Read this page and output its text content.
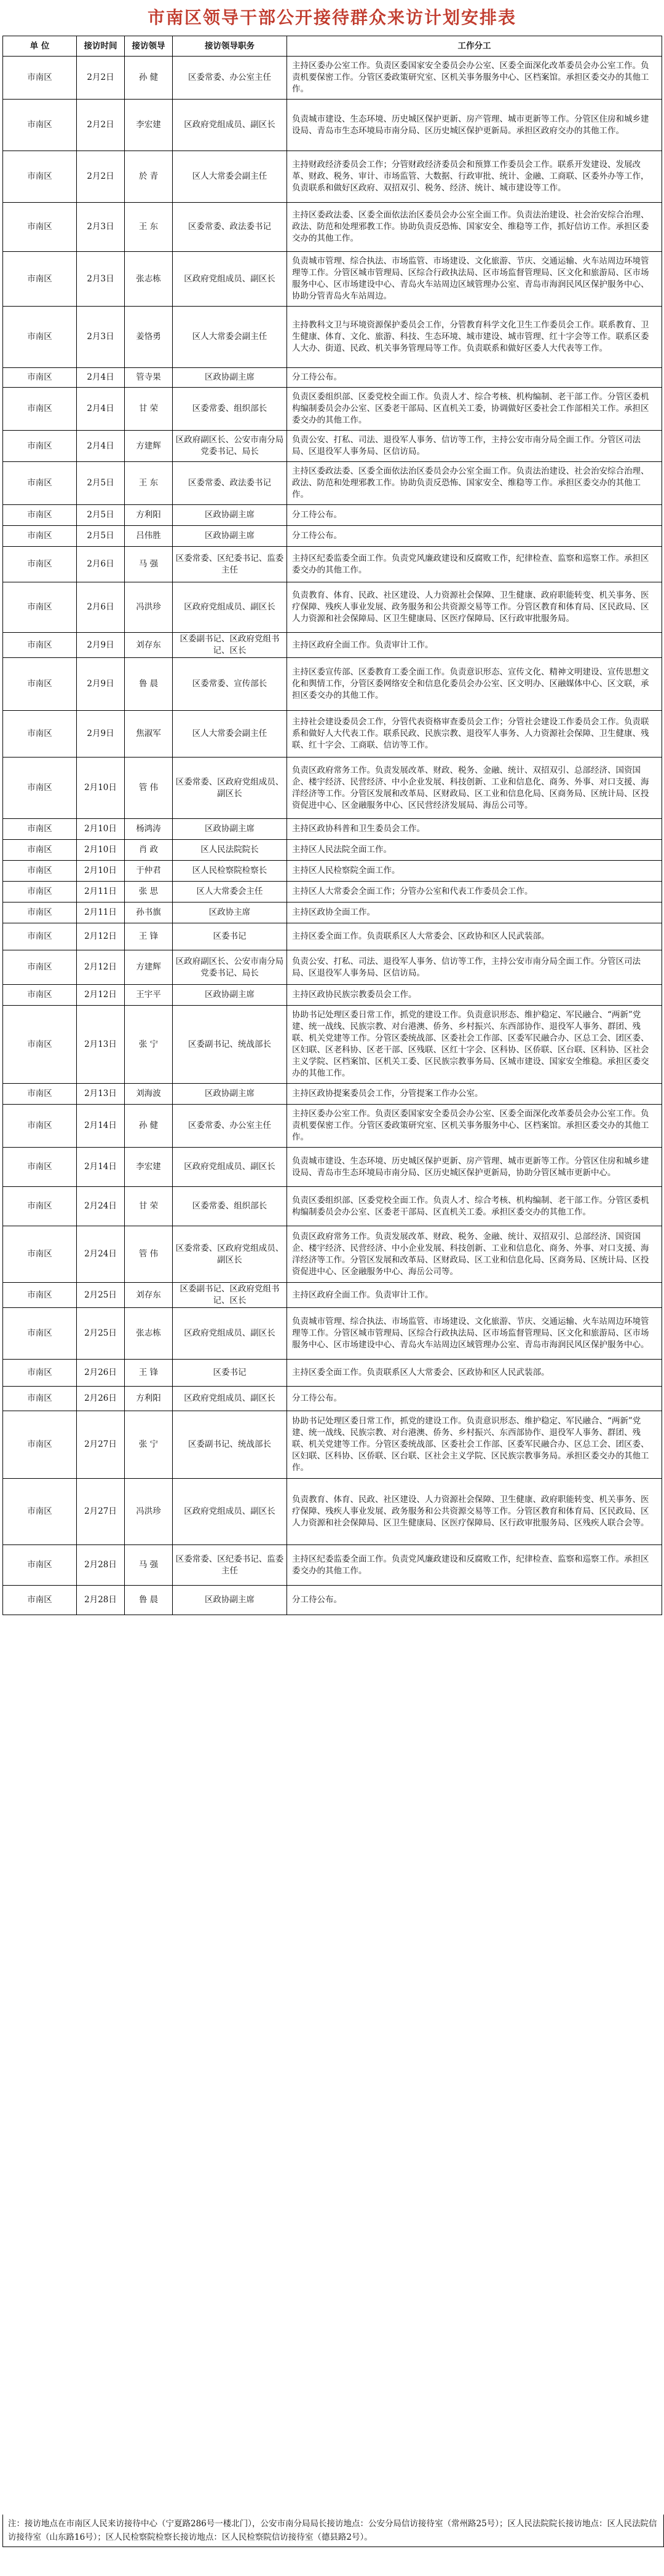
市南区领导干部公开接待群众来访计划安排表
单 位	接访时间	接访领导	接访领导职务	工作分工
市南区	2月2日	孙 健	区委常委、办公室主任	主持区委办公室工作。负责区委国家安全委员会办公室、区委全面深化改革委员会办公室工作。负责机要保密工作。分管区委政策研究室、区机关事务服务中心、区档案馆。承担区委交办的其他工作。
市南区	2月2日	李宏建	区政府党组成员、副区长	负责城市建设、生态环境、历史城区保护更新、房产管理、城市更新等工作。分管区住房和城乡建设局、青岛市生态环境局市南分局、区历史城区保护更新局。承担区政府交办的其他工作。
市南区	2月2日	於 青	区人大常委会副主任	主持财政经济委员会工作；分管财政经济委员会和预算工作委员会工作。联系开发建设、发展改革、财政、税务、审计、市场监管、大数据、行政审批、统计、金融、工商联、区委外办等工作，负责联系和做好区政府、双招双引、税务、经济、统计、城市建设等工作。
市南区	2月3日	王 东	区委常委、政法委书记	主持区委政法委、区委全面依法治区委员会办公室全面工作。负责法治建设、社会治安综合治理、政法、防范和处理邪教工作。协助负责反恐怖、国家安全、维稳等工作，抓好信访工作。承担区委交办的其他工作。
市南区	2月3日	张志栋	区政府党组成员、副区长	负责城市管理、综合执法、市场监管、市场建设、文化旅游、节庆、交通运输、火车站周边环境管理等工作。分管区城市管理局、区综合行政执法局、区市场监督管理局、区文化和旅游局、区市场服务中心、区市场建设中心、青岛火车站周边区域管理办公室、青岛市海润民风区保护服务中心、协助分管青岛火车站周边。
市南区	2月3日	姜恪勇	区人大常委会副主任	主持教科文卫与环境资源保护委员会工作，分管教育科学文化卫生工作委员会工作。联系教育、卫生健康、体育、文化、旅游、科技、生态环境、城市建设、城市管理、红十字会等工作。联系区委人大办、街道、民政、机关事务管理局等工作。负责联系和做好区委人大代表等工作。
市南区	2月4日	管寺果	区政协副主席	分工待公布。
市南区	2月4日	甘 荣	区委常委、组织部长	负责区委组织部、区委党校全面工作。负责人才、综合考核、机构编制、老干部工作。分管区委机构编制委员会办公室、区委老干部局、区直机关工委，协调做好区委社会工作部相关工作。承担区委交办的其他工作。
市南区	2月4日	方建辉	区政府副区长、公安市南分局党委书记、局长	负责公安、打私、司法、退役军人事务、信访等工作，主持公安市南分局全面工作。分管区司法局、区退役军人事务局、区信访局。
市南区	2月5日	王 东	区委常委、政法委书记	主持区委政法委、区委全面依法治区委员会办公室全面工作。负责法治建设、社会治安综合治理、政法、防范和处理邪教工作。协助负责反恐怖、国家安全、维稳等工作。承担区委交办的其他工作。
市南区	2月5日	方利阳	区政协副主席	分工待公布。
市南区	2月5日	吕伟胜	区政协副主席	分工待公布。
市南区	2月6日	马 强	区委常委、区纪委书记、监委主任	主持区纪委监委全面工作。负责党风廉政建设和反腐败工作，纪律检查、监察和巡察工作。承担区委交办的其他工作。
市南区	2月6日	冯洪珍	区政府党组成员、副区长	负责教育、体育、民政、社区建设、人力资源社会保障、卫生健康、政府职能转变、机关事务、医疗保障、残疾人事业发展、政务服务和公共资源交易等工作。分管区教育和体育局、区民政局、区人力资源和社会保障局、区卫生健康局、区医疗保障局、区行政审批服务局。
市南区	2月9日	刘存东	区委副书记、区政府党组书记、区长	主持区政府全面工作。负责审计工作。
市南区	2月9日	鲁 晨	区委常委、宣传部长	主持区委宣传部、区委教育工委全面工作。负责意识形态、宣传文化、精神文明建设、宣传思想文化和舆情工作，分管区委网络安全和信息化委员会办公室、区文明办、区融媒体中心、区文联，承担区委交办的其他工作。
市南区	2月9日	焦淑军	区人大常委会副主任	主持社会建设委员会工作，分管代表资格审查委员会工作；分管社会建设工作委员会工作。负责联系和做好人大代表工作。联系民政、民族宗教、退役军人事务、人力资源社会保障、卫生健康、残联、红十字会、工商联、信访等工作。
市南区	2月10日	管 伟	区委常委、区政府党组成员、副区长	负责区政府常务工作。负责发展改革、财政、税务、金融、统计、双招双引、总部经济、国资国企、楼宇经济、民营经济、中小企业发展、科技创新、工业和信息化、商务、外事、对口支援、海洋经济等工作。分管区发展和改革局、区财政局、区工业和信息化局、区商务局、区统计局、区投资促进中心、区金融服务中心、区民营经济发展局、海岳公司等。
市南区	2月10日	杨鸿涛	区政协副主席	主持区政协科普和卫生委员会工作。
市南区	2月10日	肖 政	区人民法院院长	主持区人民法院全面工作。
市南区	2月10日	于仲君	区人民检察院检察长	主持区人民检察院全面工作。
市南区	2月11日	张 思	区人大常委会主任	主持区人大常委会全面工作；分管办公室和代表工作委员会工作。
市南区	2月11日	孙书旗	区政协主席	主持区政协全面工作。
市南区	2月12日	王 锋	区委书记	主持区委全面工作。负责联系区人大常委会、区政协和区人民武装部。
市南区	2月12日	方建辉	区政府副区长、公安市南分局党委书记、局长	负责公安、打私、司法、退役军人事务、信访等工作，主持公安市南分局全面工作。分管区司法局、区退役军人事务局、区信访局。
市南区	2月12日	王宇平	区政协副主席	主持区政协民族宗教委员会工作。
市南区	2月13日	张 宁	区委副书记、统战部长	协助书记处理区委日常工作，抓党的建设工作。负责意识形态、维护稳定、军民融合、“两新”党建、统一战线、民族宗教、对台港澳、侨务、乡村振兴、东西部协作、退役军人事务、群团、残联、机关党建等工作。分管区委统战部、区委社会工作部、区委军民融合办、区总工会、团区委、区妇联、区老科协、区老干部、区残联、区红十字会、区科协、区侨联、区台联、区科协、区社会主义学院、区档案馆、区机关工委、区民族宗教事务局、区城市建设、国家安全维稳。承担区委交办的其他工作。
市南区	2月13日	刘海波	区政协副主席	主持区政协提案委员会工作，分管提案工作办公室。
市南区	2月14日	孙 健	区委常委、办公室主任	主持区委办公室工作。负责区委国家安全委员会办公室、区委全面深化改革委员会办公室工作。负责机要保密工作。分管区委政策研究室、区机关事务服务中心、区档案馆。承担区委交办的其他工作。
市南区	2月14日	李宏建	区政府党组成员、副区长	负责城市建设、生态环境、历史城区保护更新、房产管理、城市更新等工作。分管区住房和城乡建设局、青岛市生态环境局市南分局、区历史城区保护更新局，协助分管区城市更新中心。
市南区	2月24日	甘 荣	区委常委、组织部长	负责区委组织部、区委党校全面工作。负责人才、综合考核、机构编制、老干部工作。分管区委机构编制委员会办公室、区委老干部局、区直机关工委。承担区委交办的其他工作。
市南区	2月24日	管 伟	区委常委、区政府党组成员、副区长	负责区政府常务工作。负责发展改革、财政、税务、金融、统计、双招双引、总部经济、国资国企、楼宇经济、民营经济、中小企业发展、科技创新、工业和信息化、商务、外事、对口支援、海洋经济等工作。分管区发展和改革局、区财政局、区工业和信息化局、区商务局、区统计局、区投资促进中心、区金融服务中心、海岳公司等。
市南区	2月25日	刘存东	区委副书记、区政府党组书记、区长	主持区政府全面工作。负责审计工作。
市南区	2月25日	张志栋	区政府党组成员、副区长	负责城市管理、综合执法、市场监管、市场建设、文化旅游、节庆、交通运输、火车站周边环境管理等工作。分管区城市管理局、区综合行政执法局、区市场监督管理局、区文化和旅游局、区市场服务中心、区市场建设中心、青岛火车站周边区域管理办公室、青岛市海润民风区保护服务中心。
市南区	2月26日	王 锋	区委书记	主持区委全面工作。负责联系区人大常委会、区政协和区人民武装部。
市南区	2月26日	方利阳	区政府党组成员、副区长	分工待公布。
市南区	2月27日	张 宁	区委副书记、统战部长	协助书记处理区委日常工作，抓党的建设工作。负责意识形态、维护稳定、军民融合、“两新”党建、统一战线、民族宗教、对台港澳、侨务、乡村振兴、东西部协作、退役军人事务、群团、残联、机关党建等工作。分管区委统战部、区委社会工作部、区委军民融合办、区总工会、团区委、区妇联、区科协、区侨联、区台联、区社会主义学院、区民族宗教事务局。承担区委交办的其他工作。
市南区	2月27日	冯洪珍	区政府党组成员、副区长	负责教育、体育、民政、社区建设、人力资源社会保障、卫生健康、政府职能转变、机关事务、医疗保障、残疾人事业发展、政务服务和公共资源交易等工作。分管区教育和体育局、区民政局、区人力资源和社会保障局、区卫生健康局、区医疗保障局、区行政审批服务局、区残疾人联合会等。
市南区	2月28日	马 强	区委常委、区纪委书记、监委主任	主持区纪委监委全面工作。负责党风廉政建设和反腐败工作，纪律检查、监察和巡察工作。承担区委交办的其他工作。
市南区	2月28日	鲁 晨	区政协副主席	分工待公布。
注：接访地点在市南区人民来访接待中心（宁夏路286号一楼北门），公安市南分局局长接访地点：公安分局信访接待室（常州路25号）；区人民法院院长接访地点：区人民法院信访接待室（山东路16号）；区人民检察院检察长接访地点：区人民检察院信访接待室（德县路2号）。
